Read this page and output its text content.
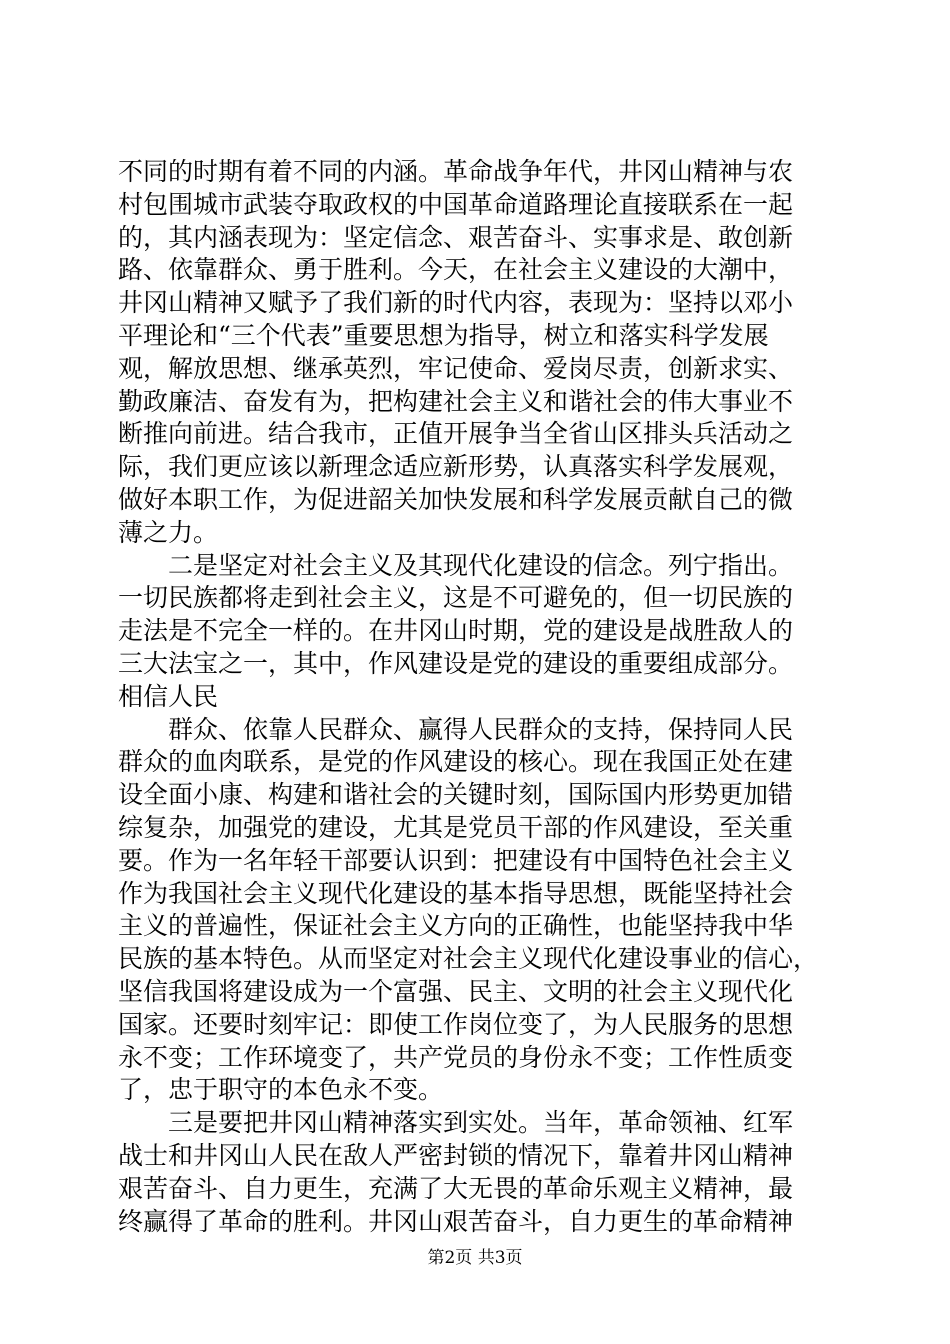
不同的时期有着不同的内涵。革命战争年代，井冈山精神与农
村包围城市武装夺取政权的中国革命道路理论直接联系在一起
的，其内涵表现为：坚定信念、艰苦奋斗、实事求是、敢创新
路、依靠群众、勇于胜利。今天，在社会主义建设的大潮中，
井冈山精神又赋予了我们新的时代内容，表现为：坚持以邓小
平理论和“三个代表”重要思想为指导，树立和落实科学发展
观，解放思想、继承英烈，牢记使命、爱岗尽责，创新求实、
勤政廉洁、奋发有为，把构建社会主义和谐社会的伟大事业不
断推向前进。结合我市，正值开展争当全省山区排头兵活动之
际，我们更应该以新理念适应新形势，认真落实科学发展观，
做好本职工作，为促进韶关加快发展和科学发展贡献自己的微
薄之力。
二是坚定对社会主义及其现代化建设的信念。列宁指出。
一切民族都将走到社会主义，这是不可避免的，但一切民族的
走法是不完全一样的。在井冈山时期，党的建设是战胜敌人的
三大法宝之一，其中，作风建设是党的建设的重要组成部分。
相信人民
群众、依靠人民群众、赢得人民群众的支持，保持同人民
群众的血肉联系，是党的作风建设的核心。现在我国正处在建
设全面小康、构建和谐社会的关键时刻，国际国内形势更加错
综复杂，加强党的建设，尤其是党员干部的作风建设，至关重
要。作为一名年轻干部要认识到：把建设有中国特色社会主义
作为我国社会主义现代化建设的基本指导思想，既能坚持社会
主义的普遍性，保证社会主义方向的正确性，也能坚持我中华
民族的基本特色。从而坚定对社会主义现代化建设事业的信心，
坚信我国将建设成为一个富强、民主、文明的社会主义现代化
国家。还要时刻牢记：即使工作岗位变了，为人民服务的思想
永不变；工作环境变了，共产党员的身份永不变；工作性质变
了，忠于职守的本色永不变。
三是要把井冈山精神落实到实处。当年，革命领袖、红军
战士和井冈山人民在敌人严密封锁的情况下，靠着井冈山精神
艰苦奋斗、自力更生，充满了大无畏的革命乐观主义精神，最
终赢得了革命的胜利。井冈山艰苦奋斗，自力更生的革命精神
第2页 共3页
